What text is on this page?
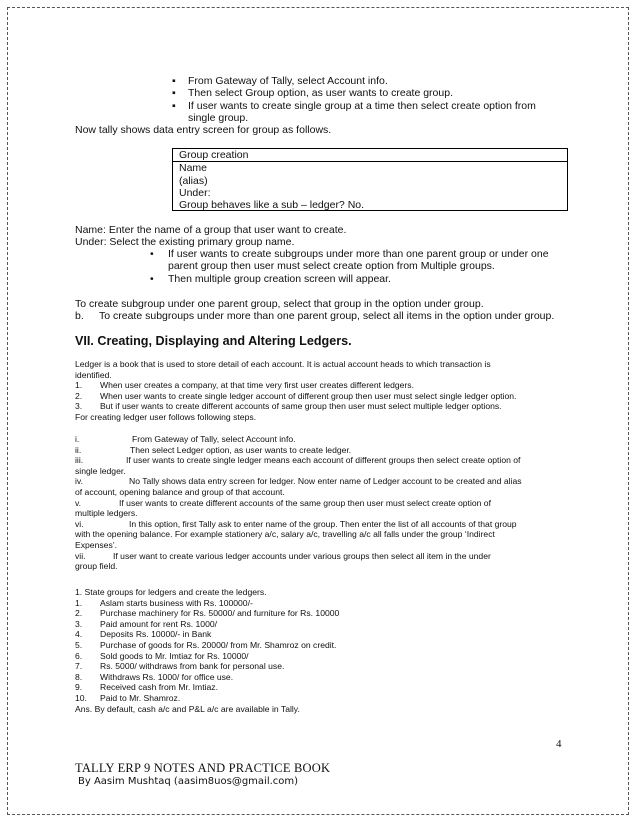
▪ From Gateway of Tally, select Account info.
▪ Then select Group option, as user wants to create group.
▪ If user wants to create single group at a time then select create option from
single group.
Now tally shows data entry screen for group as follows.
Group creation
Name
(alias)
Under:
Group behaves like a sub – ledger? No.
Name: Enter the name of a group that user want to create.
Under: Select the existing primary group name.
• If user wants to create subgroups under more than one parent group or under one
parent group then user must select create option from Multiple groups.
• Then multiple group creation screen will appear.
To create subgroup under one parent group, select that group in the option under group.
b. To create subgroups under more than one parent group, select all items in the option under group.
VII. Creating, Displaying and Altering Ledgers.
Ledger is a book that is used to store detail of each account. It is actual account heads to which transaction is
identified.
1. When user creates a company, at that time very first user creates different ledgers.
2. When user wants to create single ledger account of different group then user must select single ledger option.
3. But if user wants to create different accounts of same group then user must select multiple ledger options.
For creating ledger user follows following steps.
i.	From Gateway of Tally, select Account info.
ii.	Then select Ledger option, as user wants to create ledger.
iii.	If user wants to create single ledger means each account of different groups then select create option of
single ledger.
iv.	No Tally shows data entry screen for ledger. Now enter name of Ledger account to be created and alias
of account, opening balance and group of that account.
v.	If user wants to create different accounts of the same group then user must select create option of
multiple ledgers.
vi.	In this option, first Tally ask to enter name of the group. Then enter the list of all accounts of that group
with the opening balance. For example stationery a/c, salary a/c, travelling a/c all falls under the group ‘Indirect
Expenses’.
vii.	If user want to create various ledger accounts under various groups then select all item in the under
group field.
1. State groups for ledgers and create the ledgers.
1. Aslam starts business with Rs. 100000/-
2. Purchase machinery for Rs. 50000/ and furniture for Rs. 10000
3. Paid amount for rent Rs. 1000/
4. Deposits Rs. 10000/- in Bank
5. Purchase of goods for Rs. 20000/ from Mr. Shamroz on credit.
6. Sold goods to Mr. Imtiaz for Rs. 10000/
7. Rs. 5000/ withdraws from bank for personal use.
8. Withdraws Rs. 1000/ for office use.
9. Received cash from Mr. Imtiaz.
10. Paid to Mr. Shamroz.
Ans. By default, cash a/c and P&L a/c are available in Tally.
4
TALLY ERP 9 NOTES AND PRACTICE BOOK
By Aasim Mushtaq (aasim8uos@gmail.com)
